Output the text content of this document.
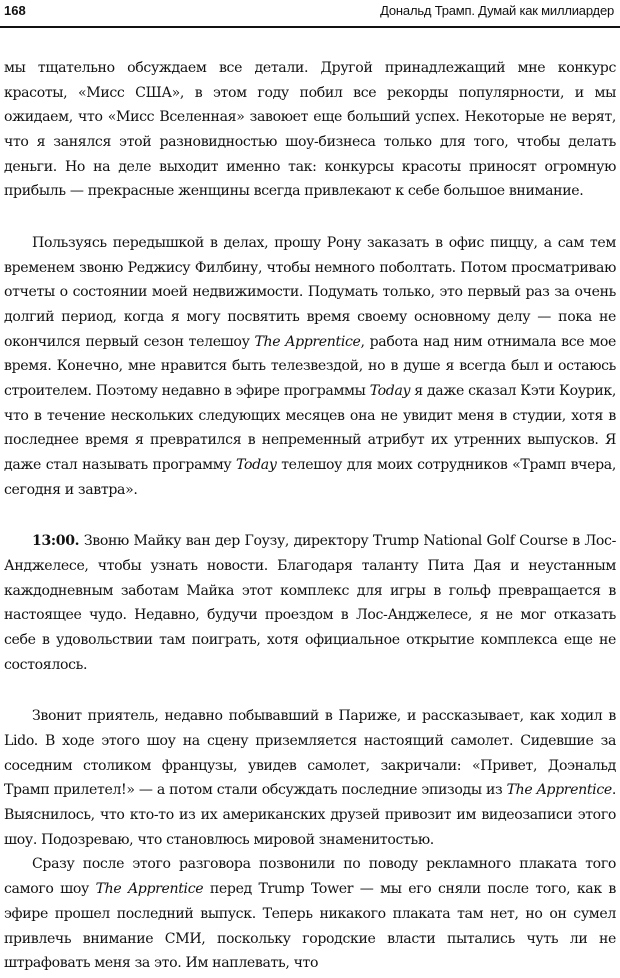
168	Дональд Трамп. Думай как миллиардер

мы тщательно обсуждаем все детали. Другой принадлежащий мне конкурс красоты, «Мисс США», в этом году побил все рекорды популярности, и мы ожидаем, что «Мисс Вселенная» завоюет еще больший успех. Некоторые не верят, что я занялся этой разновидностью шоу-бизнеса только для того, чтобы делать деньги. Но на деле выходит именно так: конкурсы красоты приносят огромную прибыль — прекрасные женщины всегда привлекают к себе большое внимание.

Пользуясь передышкой в делах, прошу Рону заказать в офис пиццу, а сам тем временем звоню Реджису Филбину, чтобы немного поболтать. Потом просматриваю отчеты о состоянии моей недвижимости. Подумать только, это первый раз за очень долгий период, когда я могу посвятить время своему основному делу — пока не окончился первый сезон телешоу The Apprentice, работа над ним отнимала все мое время. Конечно, мне нравится быть телезвездой, но в душе я всегда был и остаюсь строителем. Поэтому недавно в эфире программы Today я даже сказал Кэти Коурик, что в течение нескольких следующих месяцев она не увидит меня в студии, хотя в последнее время я превратился в непременный атрибут их утренних выпусков. Я даже стал называть программу Today телешоу для моих сотрудников «Трамп вчера, сегодня и завтра».

13:00. Звоню Майку ван дер Гоузу, директору Trump National Golf Course в Лос-Анджелесе, чтобы узнать новости. Благодаря таланту Пита Дая и неустанным каждодневным заботам Майка этот комплекс для игры в гольф превращается в настоящее чудо. Недавно, будучи проездом в Лос-Анджелесе, я не мог отказать себе в удовольствии там поиграть, хотя официальное открытие комплекса еще не состоялось.

Звонит приятель, недавно побывавший в Париже, и рассказывает, как ходил в Lido. В ходе этого шоу на сцену приземляется настоящий самолет. Сидевшие за соседним столиком французы, увидев самолет, закричали: «Привет, Доэнальд Трамп прилетел!» — а потом стали обсуждать последние эпизоды из The Apprentice. Выяснилось, что кто-то из их американских друзей привозит им видеозаписи этого шоу. Подозреваю, что становлюсь мировой знаменитостью.

Сразу после этого разговора позвонили по поводу рекламного плаката того самого шоу The Apprentice перед Trump Tower — мы его сняли после того, как в эфире прошел последний выпуск. Теперь никакого плаката там нет, но он сумел привлечь внимание СМИ, поскольку городские власти пытались чуть ли не штрафовать меня за это. Им наплевать, что
